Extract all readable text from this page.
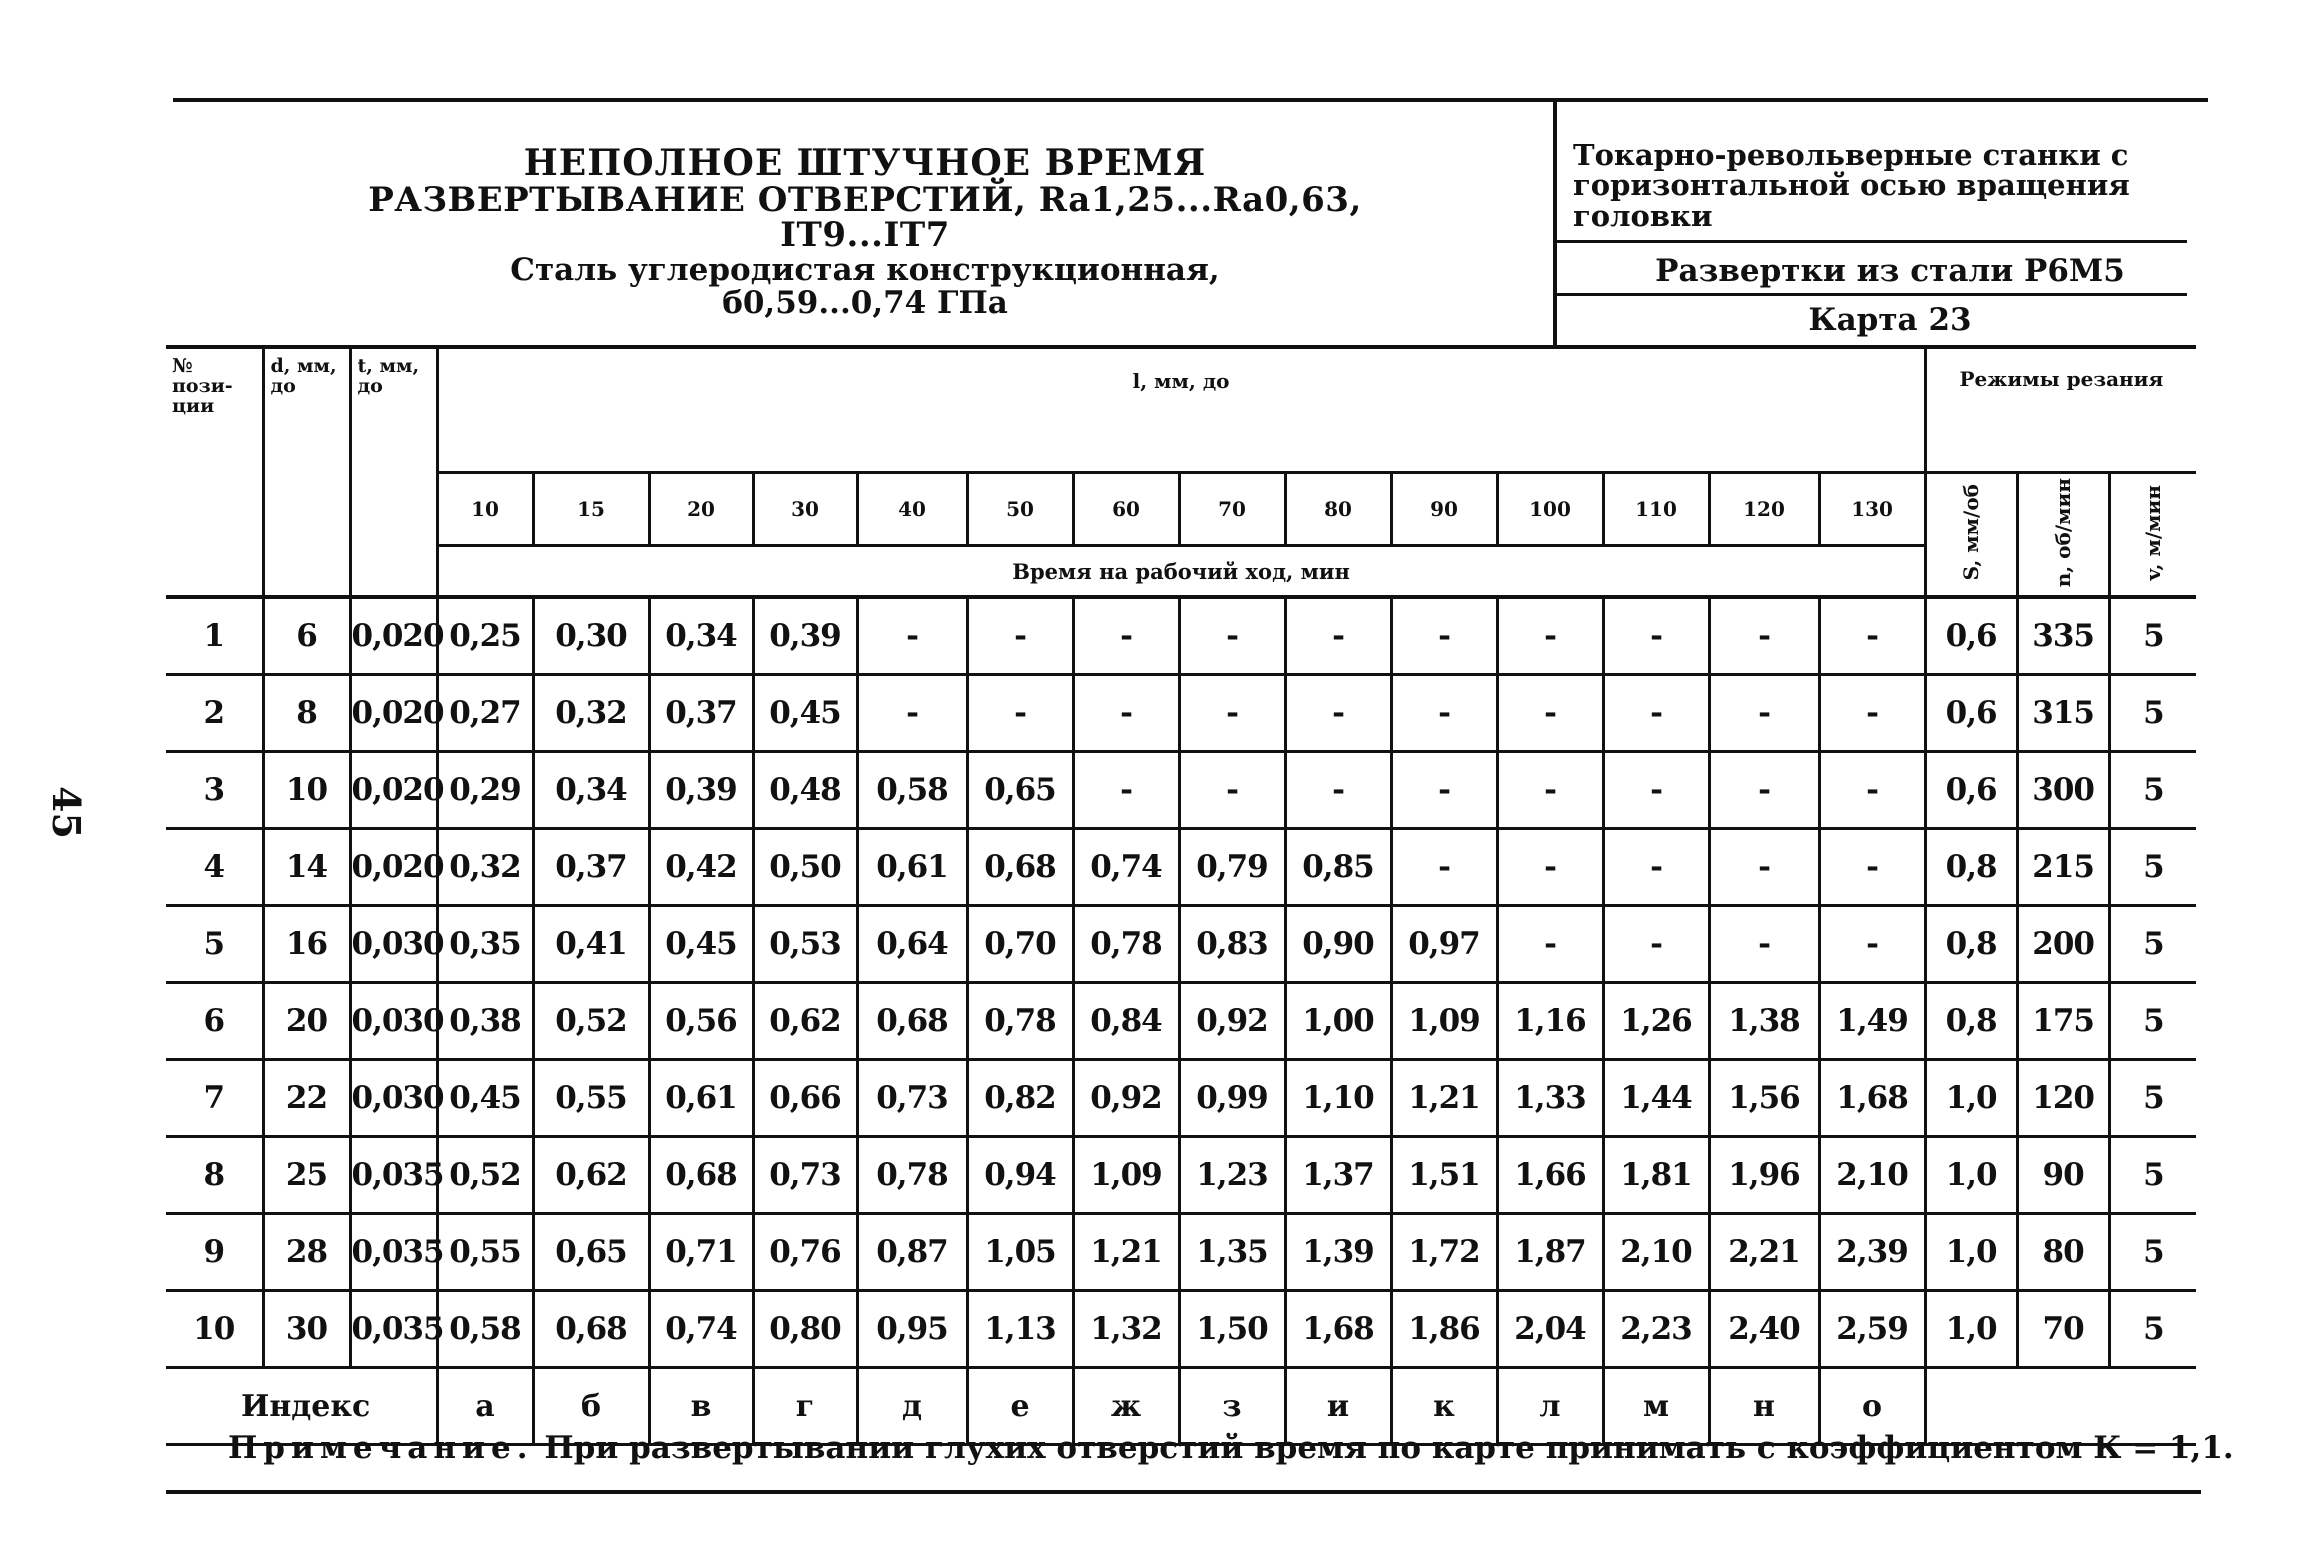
45
НЕПОЛНОЕ ШТУЧНОЕ ВРЕМЯ
РАЗВЕРТЫВАНИЕ ОТВЕРСТИЙ, Ra1,25...Ra0,63, IT9...IT7
Сталь углеродистая конструкционная,
б0,59...0,74 ГПа
Токарно-револьверные станки с горизонтальной осью вращения головки
Развертки из стали Р6М5
Карта 23
№ пози-ции	d, мм, до	t, мм, до	l, мм, до														Режимы резания		
			10	15	20	30	40	50	60	70	80	90	100	110	120	130	S, мм/об	n, об/мин	v, м/мин
			Время на рабочий ход, мин																
1	6	0,020	0,25	0,30	0,34	0,39	-	-	-	-	-	-	-	-	-	-	0,6	335	5
2	8	0,020	0,27	0,32	0,37	0,45	-	-	-	-	-	-	-	-	-	-	0,6	315	5
3	10	0,020	0,29	0,34	0,39	0,48	0,58	0,65	-	-	-	-	-	-	-	-	0,6	300	5
4	14	0,020	0,32	0,37	0,42	0,50	0,61	0,68	0,74	0,79	0,85	-	-	-	-	-	0,8	215	5
5	16	0,030	0,35	0,41	0,45	0,53	0,64	0,70	0,78	0,83	0,90	0,97	-	-	-	-	0,8	200	5
6	20	0,030	0,38	0,52	0,56	0,62	0,68	0,78	0,84	0,92	1,00	1,09	1,16	1,26	1,38	1,49	0,8	175	5
7	22	0,030	0,45	0,55	0,61	0,66	0,73	0,82	0,92	0,99	1,10	1,21	1,33	1,44	1,56	1,68	1,0	120	5
8	25	0,035	0,52	0,62	0,68	0,73	0,78	0,94	1,09	1,23	1,37	1,51	1,66	1,81	1,96	2,10	1,0	90	5
9	28	0,035	0,55	0,65	0,71	0,76	0,87	1,05	1,21	1,35	1,39	1,72	1,87	2,10	2,21	2,39	1,0	80	5
10	30	0,035	0,58	0,68	0,74	0,80	0,95	1,13	1,32	1,50	1,68	1,86	2,04	2,23	2,40	2,59	1,0	70	5
Индекс			а	б	в	г	д	е	ж	з	и	к	л	м	н	о			
Примечание. При развертывании глухих отверстий время по карте принимать с коэффициентом К = 1,1.
